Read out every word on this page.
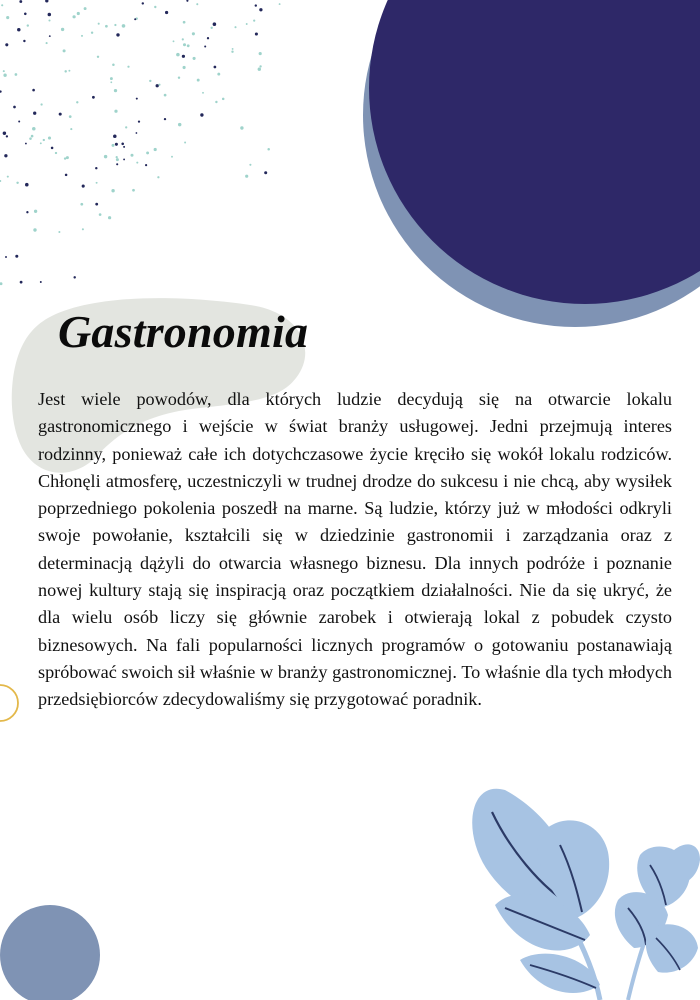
Gastronomia

Jest wiele powodów, dla których ludzie decydują się na otwarcie lokalu gastronomicznego i wejście w świat branży usługowej. Jedni przejmują interes rodzinny, ponieważ całe ich dotychczasowe życie kręciło się wokół lokalu rodziców. Chłonęli atmosferę, uczestniczyli w trudnej drodze do sukcesu i nie chcą, aby wysiłek poprzedniego pokolenia poszedł na marne. Są ludzie, którzy już w młodości odkryli swoje powołanie, kształcili się w dziedzinie gastronomii i zarządzania oraz z determinacją dążyli do otwarcia własnego biznesu. Dla innych podróże i poznanie nowej kultury stają się inspiracją oraz początkiem działalności. Nie da się ukryć, że dla wielu osób liczy się głównie zarobek i otwierają lokal z pobudek czysto biznesowych. Na fali popularności licznych programów o gotowaniu postanawiają spróbować swoich sił właśnie w branży gastronomicznej. To właśnie dla tych młodych przedsiębiorców zdecydowaliśmy się przygotować poradnik.
